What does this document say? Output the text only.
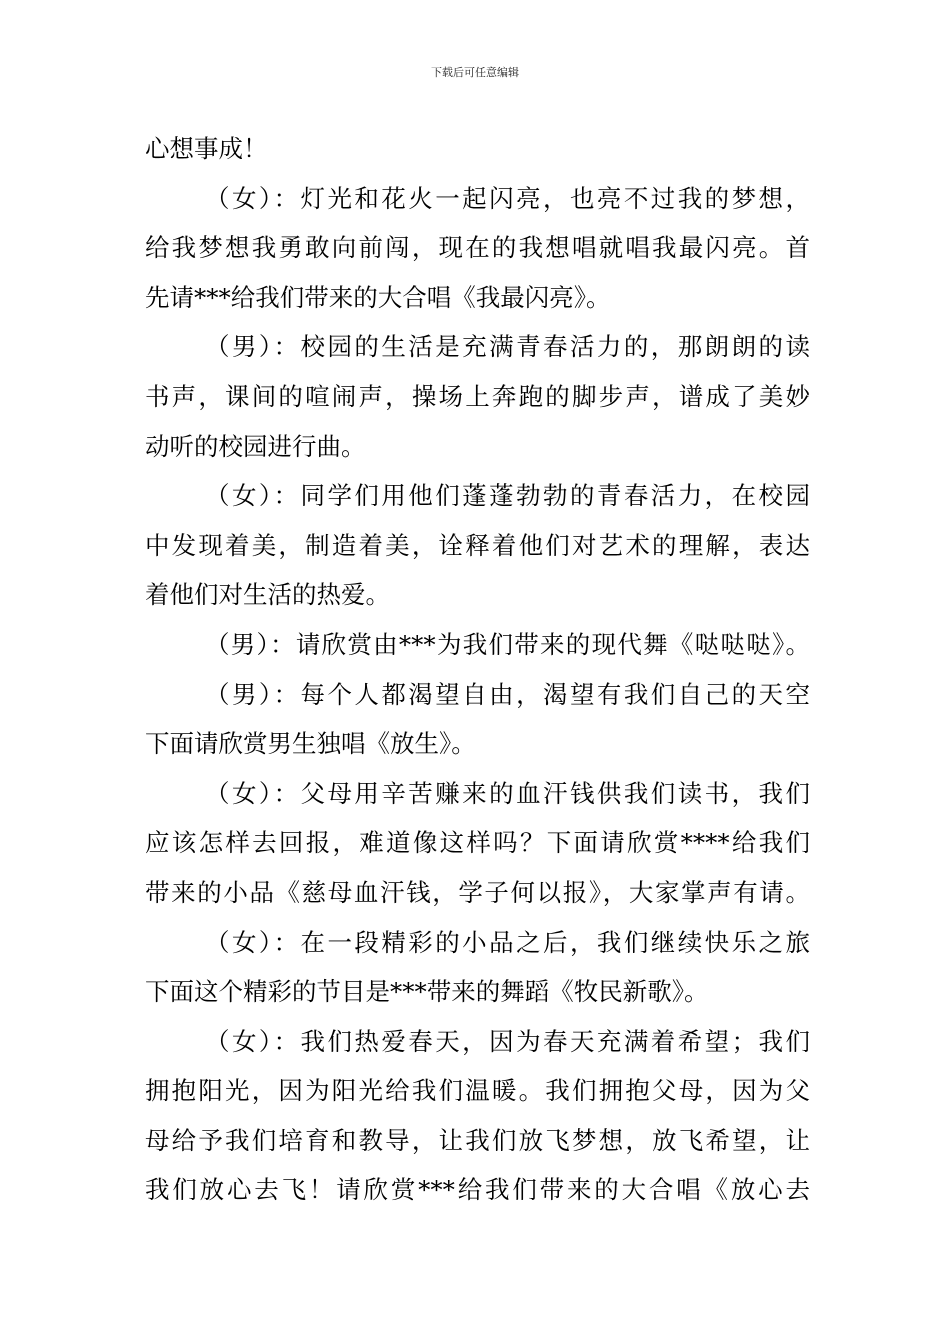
下载后可任意编辑
心想事成！
（女）：灯光和花火一起闪亮，也亮不过我的梦想，
给我梦想我勇敢向前闯，现在的我想唱就唱我最闪亮。首
先请***给我们带来的大合唱《我最闪亮》。
（男）：校园的生活是充满青春活力的，那朗朗的读
书声，课间的喧闹声，操场上奔跑的脚步声，谱成了美妙
动听的校园进行曲。
（女）：同学们用他们蓬蓬勃勃的青春活力，在校园
中发现着美，制造着美，诠释着他们对艺术的理解，表达
着他们对生活的热爱。
（男）：请欣赏由***为我们带来的现代舞《哒哒哒》。
（男）：每个人都渴望自由，渴望有我们自己的天空
下面请欣赏男生独唱《放生》。
（女）：父母用辛苦赚来的血汗钱供我们读书，我们
应该怎样去回报，难道像这样吗？下面请欣赏****给我们
带来的小品《慈母血汗钱，学子何以报》，大家掌声有请。
（女）：在一段精彩的小品之后，我们继续快乐之旅
下面这个精彩的节目是***带来的舞蹈《牧民新歌》。
（女）：我们热爱春天，因为春天充满着希望；我们
拥抱阳光，因为阳光给我们温暖。我们拥抱父母，因为父
母给予我们培育和教导，让我们放飞梦想，放飞希望，让
我们放心去飞！请欣赏***给我们带来的大合唱《放心去
